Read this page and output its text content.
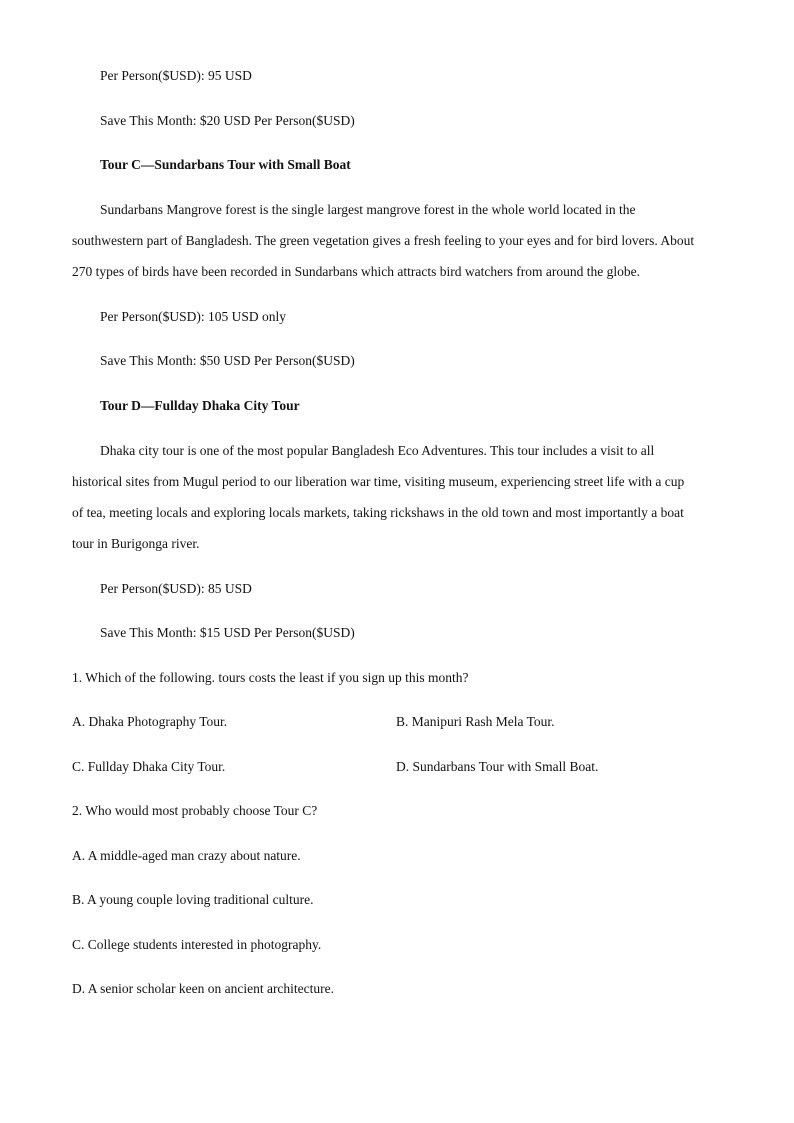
Per Person($USD): 95 USD
Save This Month: $20 USD Per Person($USD)
Tour C—Sundarbans Tour with Small Boat
Sundarbans Mangrove forest is the single largest mangrove forest in the whole world located in the
southwestern part of Bangladesh. The green vegetation gives a fresh feeling to your eyes and for bird lovers. About
270 types of birds have been recorded in Sundarbans which attracts bird watchers from around the globe.
Per Person($USD): 105 USD only
Save This Month: $50 USD Per Person($USD)
Tour D—Fullday Dhaka City Tour
Dhaka city tour is one of the most popular Bangladesh Eco Adventures. This tour includes a visit to all
historical sites from Mugul period to our liberation war time, visiting museum, experiencing street life with a cup
of tea, meeting locals and exploring locals markets, taking rickshaws in the old town and most importantly a boat
tour in Burigonga river.
Per Person($USD): 85 USD
Save This Month: $15 USD Per Person($USD)
1. Which of the following. tours costs the least if you sign up this month?
A. Dhaka Photography Tour.	B. Manipuri Rash Mela Tour.
C. Fullday Dhaka City Tour.	D. Sundarbans Tour with Small Boat.
2. Who would most probably choose Tour C?
A. A middle-aged man crazy about nature.
B. A young couple loving traditional culture.
C. College students interested in photography.
D. A senior scholar keen on ancient architecture.
